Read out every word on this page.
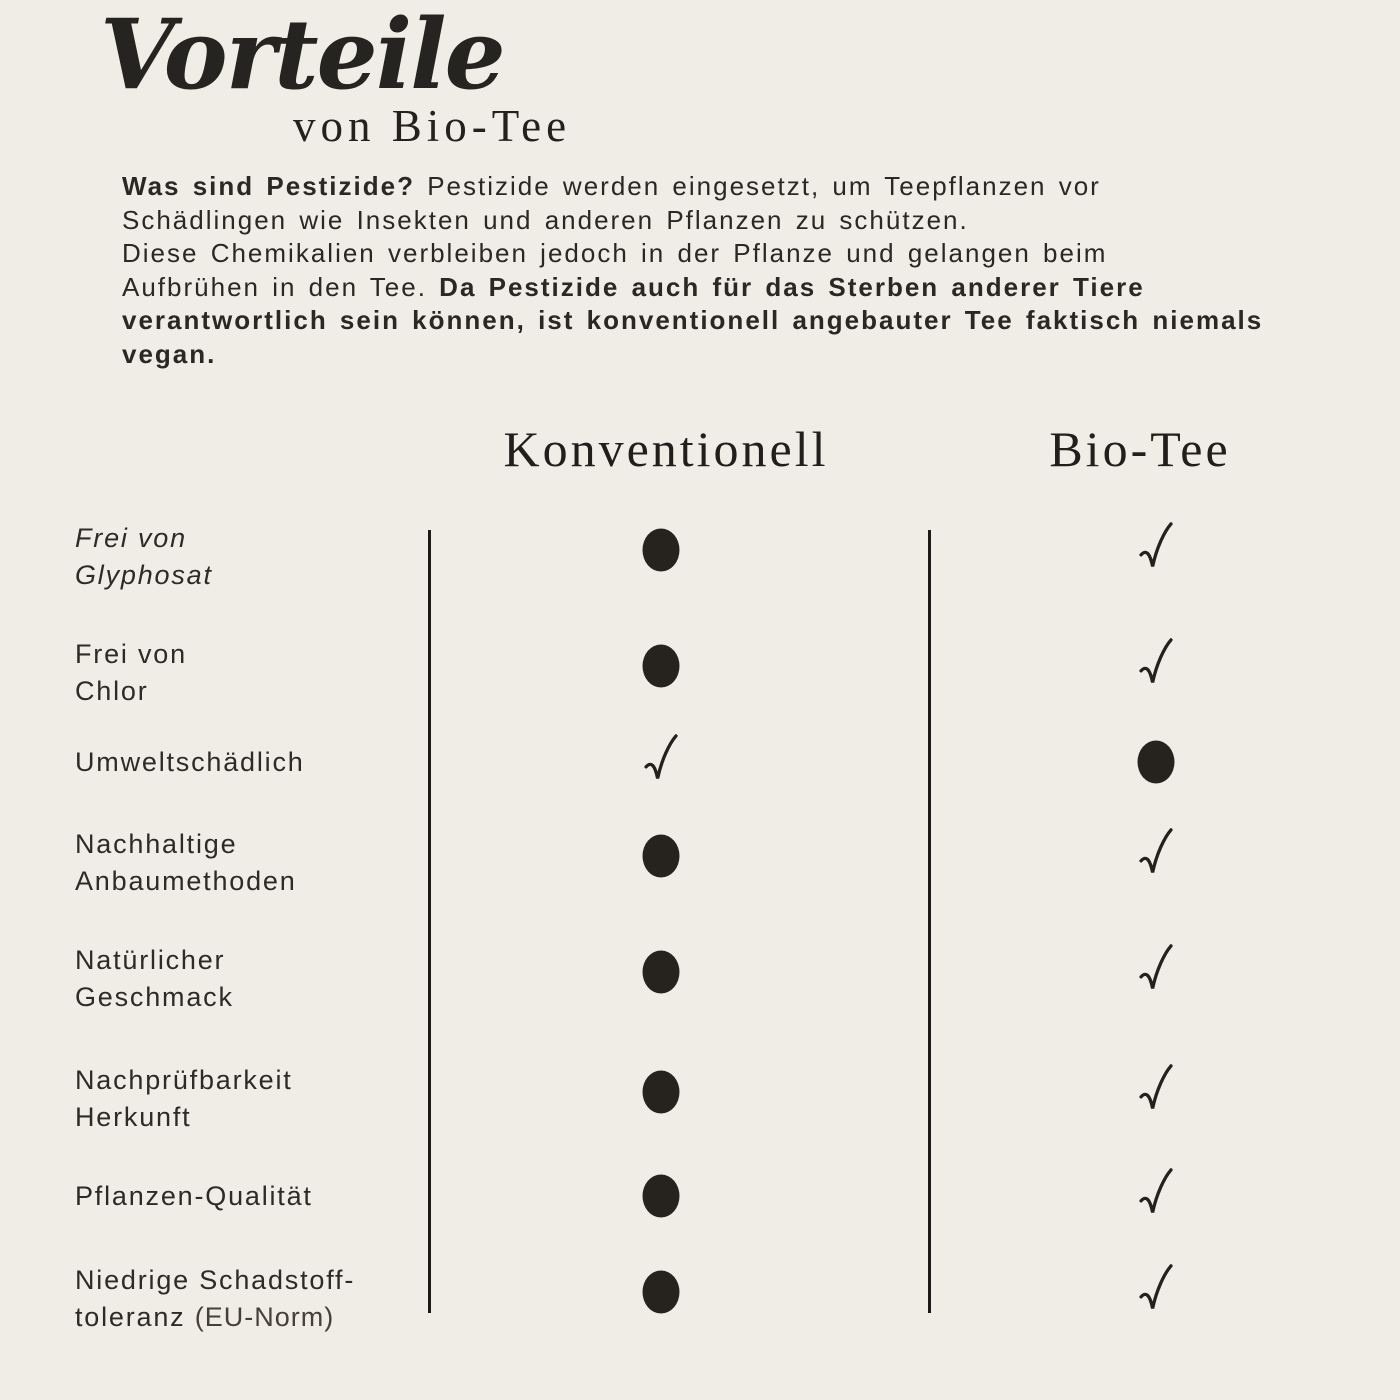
Vorteile
von Bio-Tee
Was sind Pestizide? Pestizide werden eingesetzt, um Teepflanzen vor
Schädlingen wie Insekten und anderen Pflanzen zu schützen.
Diese Chemikalien verbleiben jedoch in der Pflanze und gelangen beim
Aufbrühen in den Tee. Da Pestizide auch für das Sterben anderer Tiere
verantwortlich sein können, ist konventionell angebauter Tee faktisch niemals
vegan.
Konventionell	Bio-Tee
Frei von
Glyphosat
Frei von
Chlor
Umweltschädlich
Nachhaltige
Anbaumethoden
Natürlicher
Geschmack
Nachprüfbarkeit
Herkunft
Pflanzen-Qualität
Niedrige Schadstoff-
toleranz (EU-Norm)
